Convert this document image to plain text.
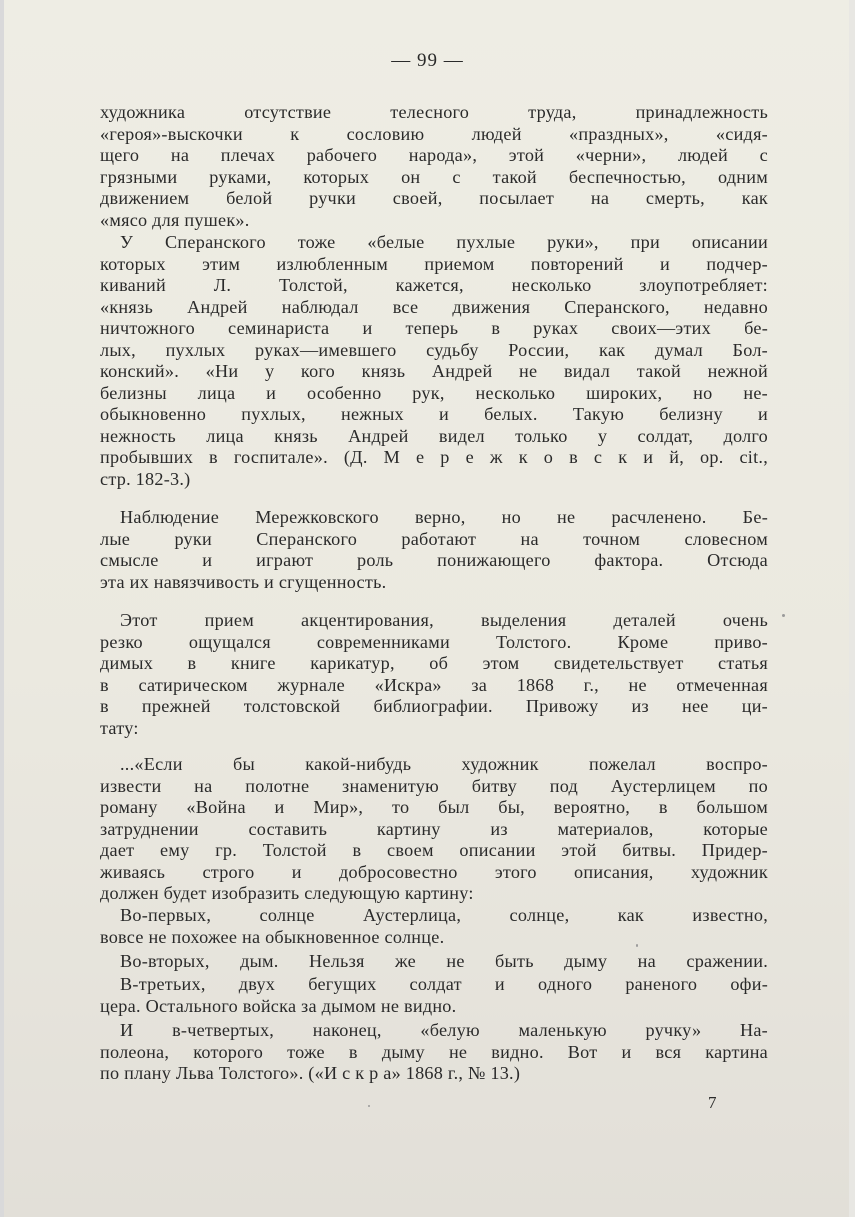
— 99 —
художника отсутствие телесного труда, принадлежность
«героя»-выскочки к сословию людей «праздных», «сидя-
щего на плечах рабочего народа», этой «черни», людей с
грязными руками, которых он с такой беспечностью, одним
движением белой ручки своей, посылает на смерть, как
«мясо для пушек».
У Сперанского тоже «белые пухлые руки», при описании
которых этим излюбленным приемом повторений и подчер-
киваний Л. Толстой, кажется, несколько злоупотребляет:
«князь Андрей наблюдал все движения Сперанского, недавно
ничтожного семинариста и теперь в руках своих—этих бе-
лых, пухлых руках—имевшего судьбу России, как думал Бол-
конский». «Ни у кого князь Андрей не видал такой нежной
белизны лица и особенно рук, несколько широких, но не-
обыкновенно пухлых, нежных и белых. Такую белизну и
нежность лица князь Андрей видел только у солдат, долго
пробывших в госпитале». (Д. М е р е ж к о в с к и й, op. cit.,
стр. 182-3.)
Наблюдение Мережковского верно, но не расчленено. Бе-
лые руки Сперанского работают на точном словесном
смысле и играют роль понижающего фактора. Отсюда
эта их навязчивость и сгущенность.
Этот прием акцентирования, выделения деталей очень
резко ощущался современниками Толстого. Кроме приво-
димых в книге карикатур, об этом свидетельствует статья
в сатирическом журнале «Искра» за 1868 г., не отмеченная
в прежней толстовской библиографии. Привожу из нее ци-
тату:
...«Если бы какой-нибудь художник пожелал воспро-
извести на полотне знаменитую битву под Аустерлицем по
роману «Война и Мир», то был бы, вероятно, в большом
затруднении составить картину из материалов, которые
дает ему гр. Толстой в своем описании этой битвы. Придер-
живаясь строго и добросовестно этого описания, художник
должен будет изобразить следующую картину:
Во-первых, солнце Аустерлица, солнце, как известно,
вовсе не похожее на обыкновенное солнце.
Во-вторых, дым. Нельзя же не быть дыму на сражении.
В-третьих, двух бегущих солдат и одного раненого офи-
цера. Остального войска за дымом не видно.
И в-четвертых, наконец, «белую маленькую ручку» На-
полеона, которого тоже в дыму не видно. Вот и вся картина
по плану Льва Толстого». («И с к р а» 1868 г., № 13.)
7
